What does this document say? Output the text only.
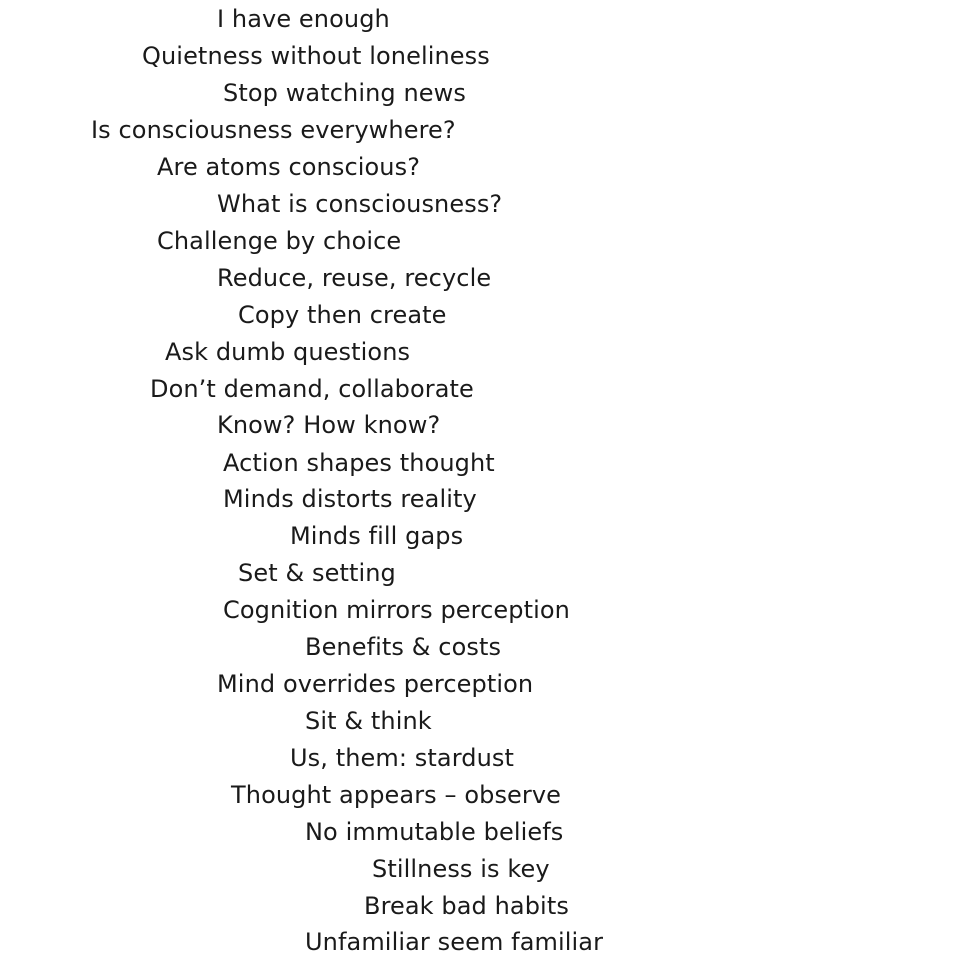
I have enough
Quietness without loneliness
Stop watching news
Is consciousness everywhere?
Are atoms conscious?
What is consciousness?
Challenge by choice
Reduce, reuse, recycle
Copy then create
Ask dumb questions
Don’t demand, collaborate
Know? How know?
Action shapes thought
Minds distorts reality
Minds fill gaps
Set & setting
Cognition mirrors perception
Benefits & costs
Mind overrides perception
Sit & think
Us, them: stardust
Thought appears – observe
No immutable beliefs
Stillness is key
Break bad habits
Unfamiliar seem familiar
